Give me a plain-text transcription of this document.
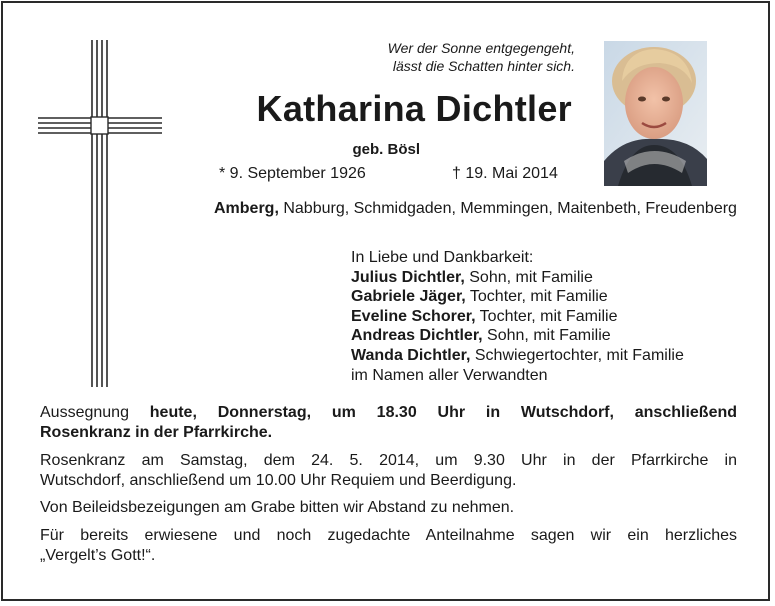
Wer der Sonne entgegengeht,
lässt die Schatten hinter sich.
Katharina Dichtler
geb. Bösl
* 9. September 1926	† 19. Mai 2014
Amberg, Nabburg, Schmidgaden, Memmingen, Maitenbeth, Freudenberg
In Liebe und Dankbarkeit:
Julius Dichtler, Sohn, mit Familie
Gabriele Jäger, Tochter, mit Familie
Eveline Schorer, Tochter, mit Familie
Andreas Dichtler, Sohn, mit Familie
Wanda Dichtler, Schwiegertochter, mit Familie
im Namen aller Verwandten
Aussegnung heute, Donnerstag, um 18.30 Uhr in Wutschdorf, anschließend
Rosenkranz in der Pfarrkirche.
Rosenkranz am Samstag, dem 24. 5. 2014, um 9.30 Uhr in der Pfarrkirche in
Wutschdorf, anschließend um 10.00 Uhr Requiem und Beerdigung.
Von Beileidsbezeigungen am Grabe bitten wir Abstand zu nehmen.
Für bereits erwiesene und noch zugedachte Anteilnahme sagen wir ein herzliches
„Vergelt’s Gott!“.
